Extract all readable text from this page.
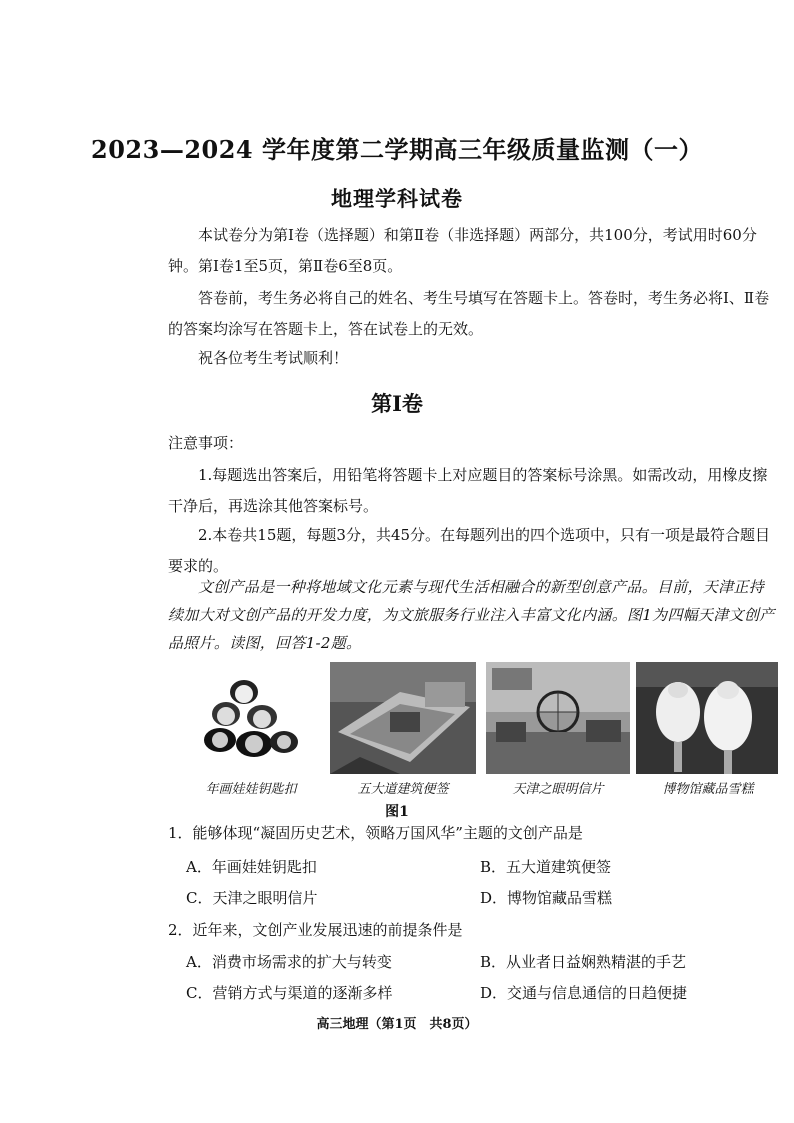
2023—2024 学年度第二学期高三年级质量监测（一）
地理学科试卷
本试卷分为第Ⅰ卷（选择题）和第Ⅱ卷（非选择题）两部分，共100分，考试用时60分钟。第Ⅰ卷1至5页，第Ⅱ卷6至8页。
答卷前，考生务必将自己的姓名、考生号填写在答题卡上。答卷时，考生务必将Ⅰ、Ⅱ卷的答案均涂写在答题卡上，答在试卷上的无效。
祝各位考生考试顺利！
第Ⅰ卷
注意事项：
1.每题选出答案后，用铅笔将答题卡上对应题目的答案标号涂黑。如需改动，用橡皮擦干净后，再选涂其他答案标号。
2.本卷共15题，每题3分，共45分。在每题列出的四个选项中，只有一项是最符合题目要求的。
文创产品是一种将地域文化元素与现代生活相融合的新型创意产品。目前，天津正持续加大对文创产品的开发力度，为文旅服务行业注入丰富文化内涵。图1为四幅天津文创产品照片。读图，回答1-2题。
年画娃娃钥匙扣	五大道建筑便签	天津之眼明信片	博物馆藏品雪糕
图1
1．能够体现“凝固历史艺术，领略万国风华”主题的文创产品是
A．年画娃娃钥匙扣	B．五大道建筑便签
C．天津之眼明信片	D．博物馆藏品雪糕
2．近年来，文创产业发展迅速的前提条件是
A．消费市场需求的扩大与转变	B．从业者日益娴熟精湛的手艺
C．营销方式与渠道的逐渐多样	D．交通与信息通信的日趋便捷
高三地理（第1页　共8页）
